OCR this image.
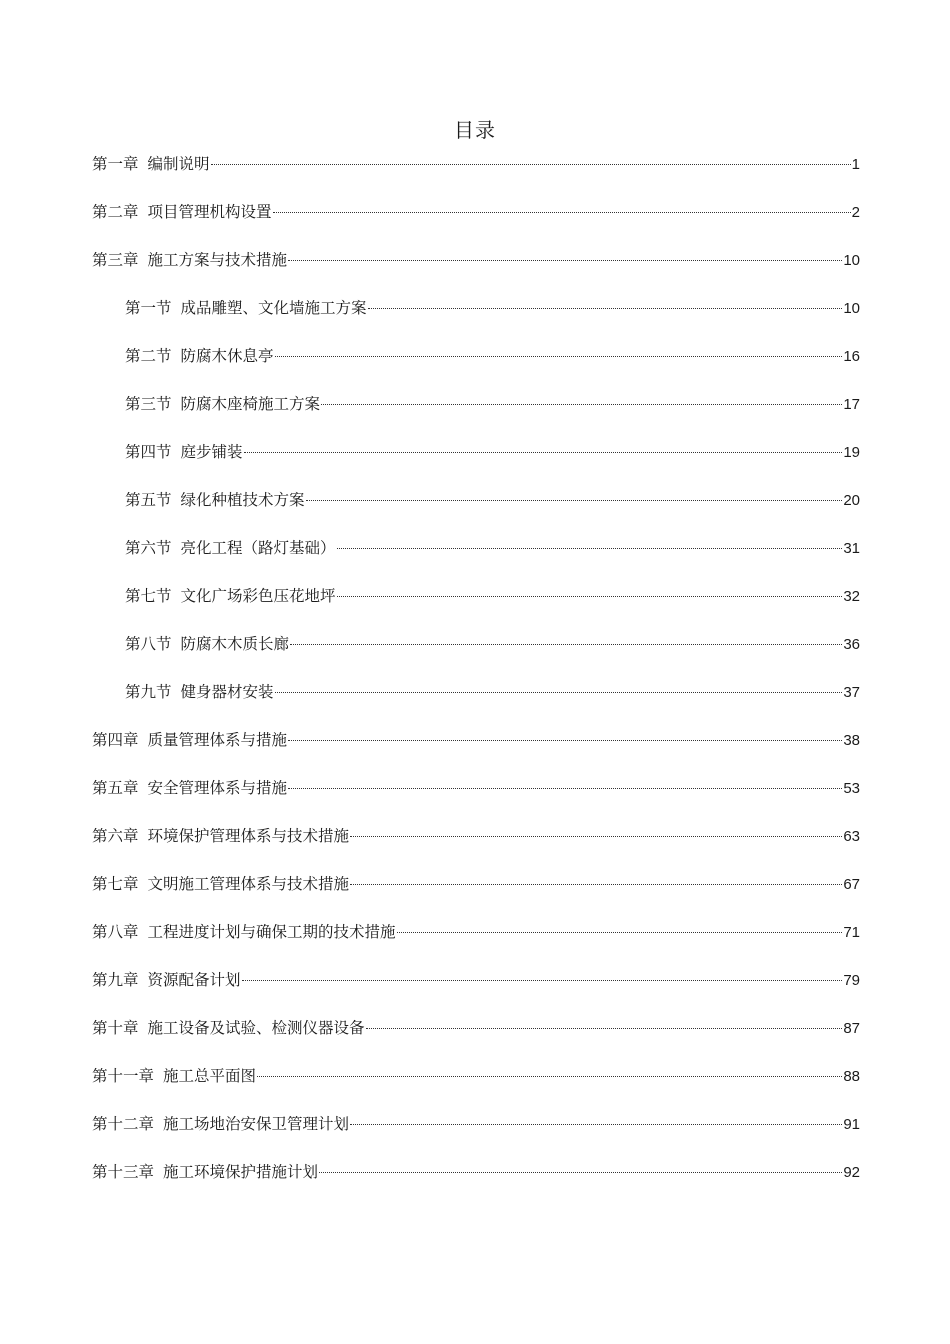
目录
第一章 编制说明	1
第二章 项目管理机构设置	2
第三章 施工方案与技术措施	10
第一节 成品雕塑、文化墙施工方案	10
第二节 防腐木休息亭	16
第三节 防腐木座椅施工方案	17
第四节 庭步铺装	19
第五节 绿化种植技术方案	20
第六节 亮化工程（路灯基础）	31
第七节 文化广场彩色压花地坪	32
第八节 防腐木木质长廊	36
第九节 健身器材安装	37
第四章 质量管理体系与措施	38
第五章 安全管理体系与措施	53
第六章 环境保护管理体系与技术措施	63
第七章 文明施工管理体系与技术措施	67
第八章 工程进度计划与确保工期的技术措施	71
第九章 资源配备计划	79
第十章 施工设备及试验、检测仪器设备	87
第十一章 施工总平面图	88
第十二章 施工场地治安保卫管理计划	91
第十三章 施工环境保护措施计划	92
